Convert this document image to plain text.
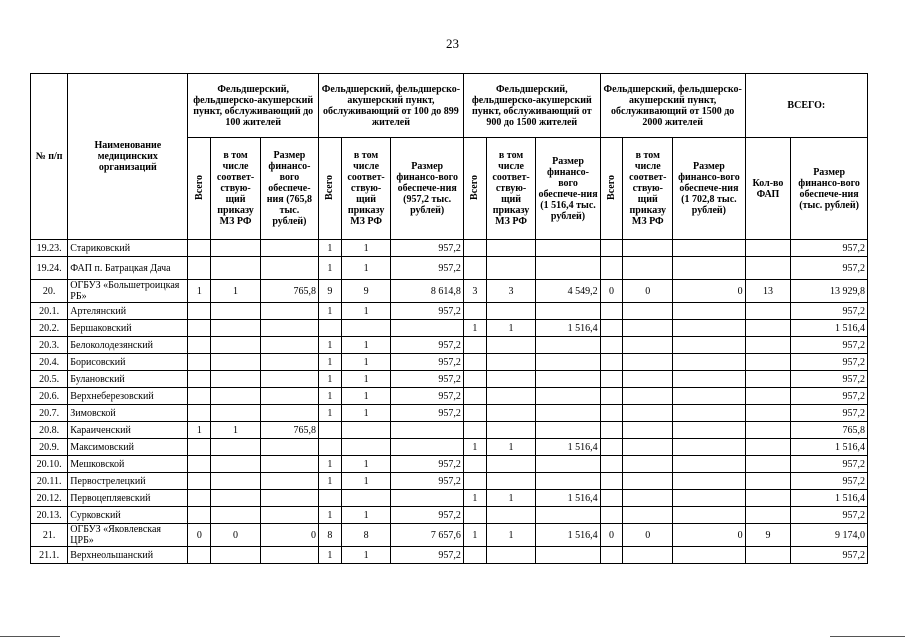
23
№ п/п	Наименование медицинских организаций	Фельдшерский, фельдшерско-акушерский пункт, обслуживающий до 100 жителей			Фельдшерский, фельдшерско-акушерский пункт, обслуживающий от 100 до 899 жителей			Фельдшерский, фельдшерско-акушерский пункт, обслуживающий от 900 до 1500 жителей			Фельдшерский, фельдшерско-акушерский пункт, обслуживающий от 1500 до 2000 жителей			ВСЕГО:	
		Всего	в том числе соответ-ствую-щий приказу МЗ РФ	Размер финансо-вого обеспече-ния (765,8 тыс. рублей)	Всего	в том числе соответ-ствую-щий приказу МЗ РФ	Размер финансо-вого обеспече-ния (957,2 тыс. рублей)	Всего	в том числе соответ-ствую-щий приказу МЗ РФ	Размер финансо-вого обеспече-ния (1 516,4 тыс. рублей)	Всего	в том числе соответ-ствую-щий приказу МЗ РФ	Размер финансо-вого обеспече-ния (1 702,8 тыс. рублей)	Кол-во ФАП	Размер финансо-вого обеспече-ния (тыс. рублей)
19.23.	Стариковский				1	1	957,2								957,2
19.24.	ФАП п. Батрацкая Дача				1	1	957,2								957,2
20.	ОГБУЗ «Большетроицкая РБ»	1	1	765,8	9	9	8 614,8	3	3	4 549,2	0	0	0	13	13 929,8
20.1.	Артелянский				1	1	957,2								957,2
20.2.	Бершаковский							1	1	1 516,4					1 516,4
20.3.	Белоколодезянский				1	1	957,2								957,2
20.4.	Борисовский				1	1	957,2								957,2
20.5.	Булановский				1	1	957,2								957,2
20.6.	Верхнеберезовский				1	1	957,2								957,2
20.7.	Зимовской				1	1	957,2								957,2
20.8.	Караиченский	1	1	765,8											765,8
20.9.	Максимовский							1	1	1 516,4					1 516,4
20.10.	Мешковской				1	1	957,2								957,2
20.11.	Первострелецкий				1	1	957,2								957,2
20.12.	Первоцепляевский							1	1	1 516,4					1 516,4
20.13.	Сурковский				1	1	957,2								957,2
21.	ОГБУЗ «Яковлевская ЦРБ»	0	0	0	8	8	7 657,6	1	1	1 516,4	0	0	0	9	9 174,0
21.1.	Верхнеольшанский				1	1	957,2								957,2
